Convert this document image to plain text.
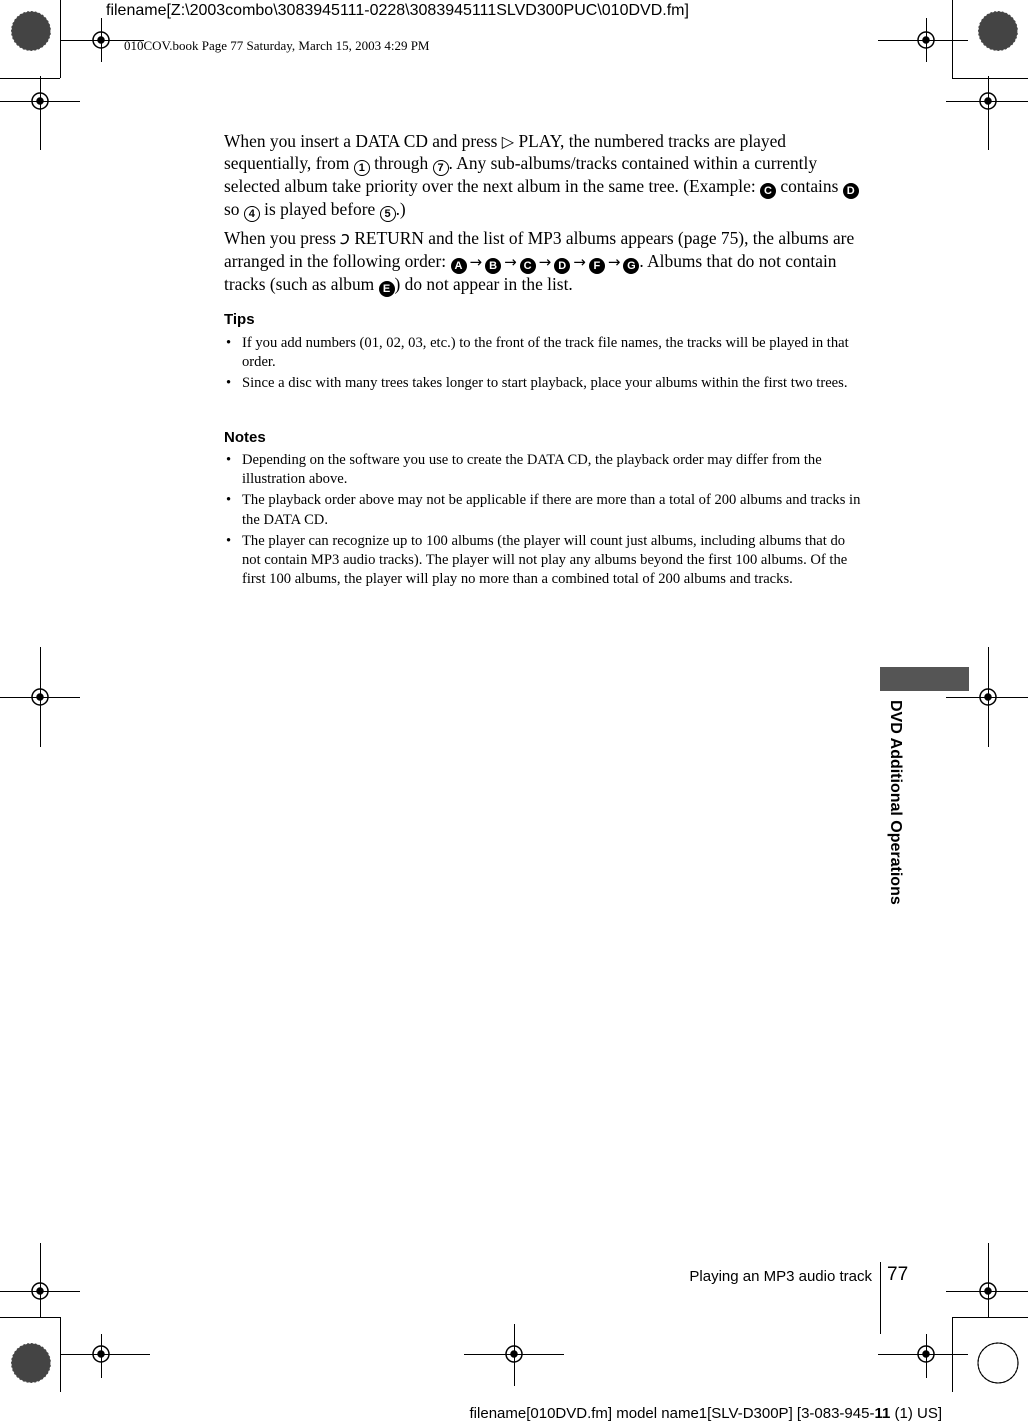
filename[Z:\2003combo\3083945111-0228\3083945111SLVD300PUC\010DVD.fm]
010COV.book Page 77 Saturday, March 15, 2003 4:29 PM
When you insert a DATA CD and press ▷ PLAY, the numbered tracks are played sequentially, from 1 through 7 . Any sub-albums/tracks contained within a currently selected album take priority over the next album in the same tree. (Example: C contains D so 4 is played before 5 .)
When you press ↄ RETURN and the list of MP3 albums appears (page 75), the albums are arranged in the following order: A → B → C → D → F → G . Albums that do not contain tracks (such as album E ) do not appear in the list.
Tips
• If you add numbers (01, 02, 03, etc.) to the front of the track file names, the tracks will be played in that order.
• Since a disc with many trees takes longer to start playback, place your albums within the first two trees.
Notes
• Depending on the software you use to create the DATA CD, the playback order may differ from the illustration above.
• The playback order above may not be applicable if there are more than a total of 200 albums and tracks in the DATA CD.
• The player can recognize up to 100 albums (the player will count just albums, including albums that do not contain MP3 audio tracks). The player will not play any albums beyond the first 100 albums. Of the first 100 albums, the player will play no more than a combined total of 200 albums and tracks.
DVD Additional Operations
Playing an MP3 audio track 77
filename[010DVD.fm] model name1[SLV-D300P] [3-083-945-11 (1) US]
